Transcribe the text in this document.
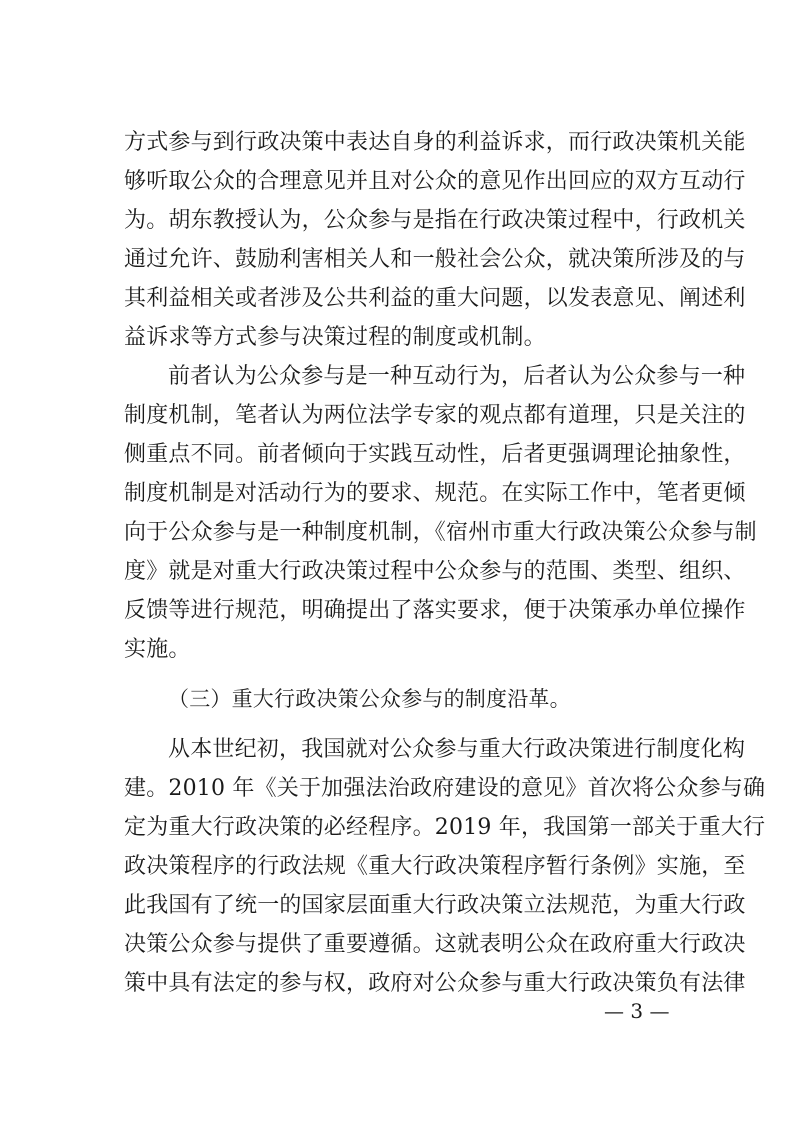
方式参与到行政决策中表达自身的利益诉求，而行政决策机关能
够听取公众的合理意见并且对公众的意见作出回应的双方互动行
为。胡东教授认为，公众参与是指在行政决策过程中，行政机关
通过允许、鼓励利害相关人和一般社会公众，就决策所涉及的与
其利益相关或者涉及公共利益的重大问题，以发表意见、阐述利
益诉求等方式参与决策过程的制度或机制。
前者认为公众参与是一种互动行为，后者认为公众参与一种
制度机制，笔者认为两位法学专家的观点都有道理，只是关注的
侧重点不同。前者倾向于实践互动性，后者更强调理论抽象性，
制度机制是对活动行为的要求、规范。在实际工作中，笔者更倾
向于公众参与是一种制度机制，《宿州市重大行政决策公众参与制
度》就是对重大行政决策过程中公众参与的范围、类型、组织、
反馈等进行规范，明确提出了落实要求，便于决策承办单位操作
实施。
（三）重大行政决策公众参与的制度沿革。
从本世纪初，我国就对公众参与重大行政决策进行制度化构
建。2010 年《关于加强法治政府建设的意见》首次将公众参与确
定为重大行政决策的必经程序。2019 年，我国第一部关于重大行
政决策程序的行政法规《重大行政决策程序暂行条例》实施，至
此我国有了统一的国家层面重大行政决策立法规范，为重大行政
决策公众参与提供了重要遵循。这就表明公众在政府重大行政决
策中具有法定的参与权，政府对公众参与重大行政决策负有法律
— 3 —
